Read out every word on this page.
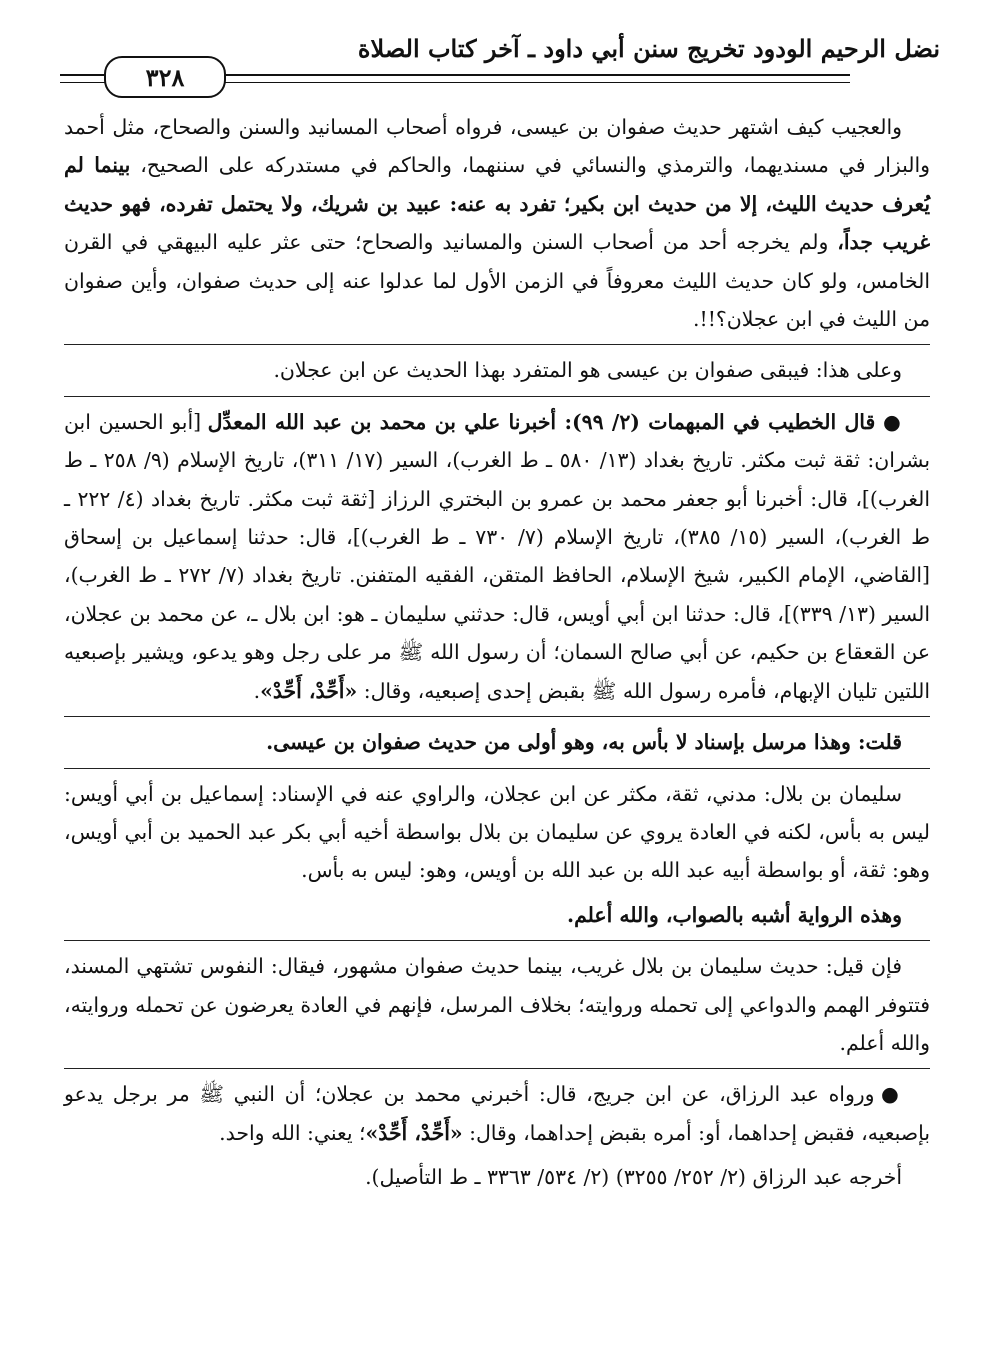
نضل الرحيم الودود تخريج سنن أبي داود ـ آخر كتاب الصلاة
٣٢٨

والعجيب كيف اشتهر حديث صفوان بن عيسى، فرواه أصحاب المسانيد والسنن والصحاح، مثل أحمد والبزار في مسنديهما، والترمذي والنسائي في سننهما، والحاكم في مستدركه على الصحيح، بينما لم يُعرف حديث الليث، إلا من حديث ابن بكير؛ تفرد به عنه: عبيد بن شريك، ولا يحتمل تفرده، فهو حديث غريب جداً، ولم يخرجه أحد من أصحاب السنن والمسانيد والصحاح؛ حتى عثر عليه البيهقي في القرن الخامس، ولو كان حديث الليث معروفاً في الزمن الأول لما عدلوا عنه إلى حديث صفوان، وأين صفوان من الليث في ابن عجلان؟!!.

وعلى هذا: فيبقى صفوان بن عيسى هو المتفرد بهذا الحديث عن ابن عجلان.

● قال الخطيب في المبهمات (٢/ ٩٩): أخبرنا علي بن محمد بن عبد الله المعدِّل [أبو الحسين ابن بشران: ثقة ثبت مكثر. تاريخ بغداد (١٣/ ٥٨٠ ـ ط الغرب)، السير (١٧/ ٣١١)، تاريخ الإسلام (٩/ ٢٥٨ ـ ط الغرب)]، قال: أخبرنا أبو جعفر محمد بن عمرو بن البختري الرزاز [ثقة ثبت مكثر. تاريخ بغداد (٤/ ٢٢٢ ـ ط الغرب)، السير (١٥/ ٣٨٥)، تاريخ الإسلام (٧/ ٧٣٠ ـ ط الغرب)]، قال: حدثنا إسماعيل بن إسحاق [القاضي، الإمام الكبير، شيخ الإسلام، الحافظ المتقن، الفقيه المتفنن. تاريخ بغداد (٧/ ٢٧٢ ـ ط الغرب)، السير (١٣/ ٣٣٩)]، قال: حدثنا ابن أبي أويس، قال: حدثني سليمان ـ هو: ابن بلال ـ، عن محمد بن عجلان، عن القعقاع بن حكيم، عن أبي صالح السمان؛ أن رسول الله ﷺ مر على رجل وهو يدعو، ويشير بإصبعيه اللتين تليان الإبهام، فأمره رسول الله ﷺ بقبض إحدى إصبعيه، وقال: «أَحِّدْ، أَحِّدْ».

قلت: وهذا مرسل بإسناد لا بأس به، وهو أولى من حديث صفوان بن عيسى.

سليمان بن بلال: مدني، ثقة، مكثر عن ابن عجلان، والراوي عنه في الإسناد: إسماعيل بن أبي أويس: ليس به بأس، لكنه في العادة يروي عن سليمان بن بلال بواسطة أخيه أبي بكر عبد الحميد بن أبي أويس، وهو: ثقة، أو بواسطة أبيه عبد الله بن عبد الله بن أويس، وهو: ليس به بأس.

وهذه الرواية أشبه بالصواب، والله أعلم.

فإن قيل: حديث سليمان بن بلال غريب، بينما حديث صفوان مشهور، فيقال: النفوس تشتهي المسند، فتتوفر الهمم والدواعي إلى تحمله وروايته؛ بخلاف المرسل، فإنهم في العادة يعرضون عن تحمله وروايته، والله أعلم.

● ورواه عبد الرزاق، عن ابن جريج، قال: أخبرني محمد بن عجلان؛ أن النبي ﷺ مر برجل يدعو بإصبعيه، فقبض إحداهما، أو: أمره بقبض إحداهما، وقال: «أَحِّدْ، أَحِّدْ»؛ يعني: الله واحد.

أخرجه عبد الرزاق (٢/ ٢٥٢/ ٣٢٥٥) (٢/ ٥٣٤/ ٣٣٦٣ ـ ط التأصيل).
